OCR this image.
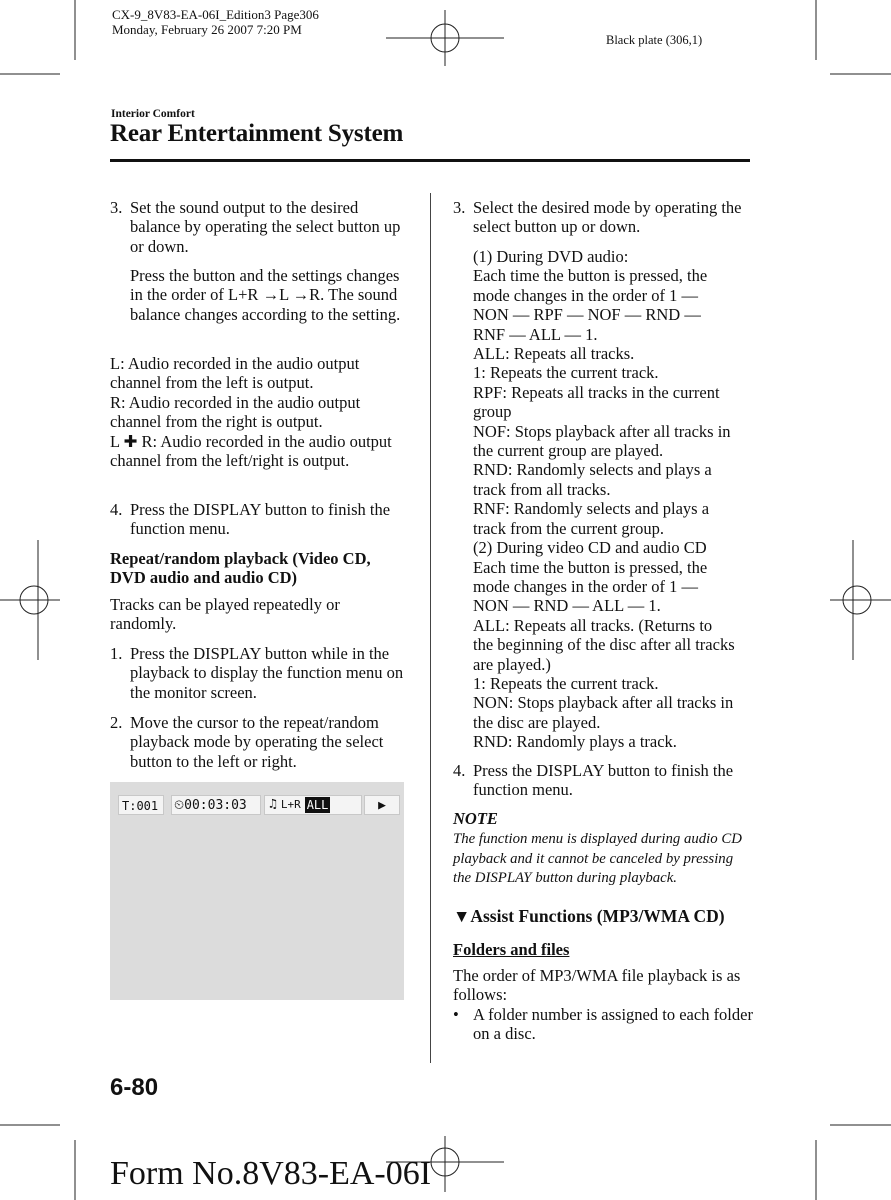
CX-9_8V83-EA-06I_Edition3 Page306
Monday, February 26 2007 7:20 PM
Black plate (306,1)
Interior Comfort
Rear Entertainment System
3. Set the sound output to the desired balance by operating the select button up or down.
Press the button and the settings changes in the order of L+R →L →R. The sound balance changes according to the setting.
L: Audio recorded in the audio output channel from the left is output.
R: Audio recorded in the audio output channel from the right is output.
L ✚ R: Audio recorded in the audio output channel from the left/right is output.
4. Press the DISPLAY button to finish the function menu.
Repeat/random playback (Video CD, DVD audio and audio CD)
Tracks can be played repeatedly or randomly.
1. Press the DISPLAY button while in the playback to display the function menu on the monitor screen.
2. Move the cursor to the repeat/random playback mode by operating the select button to the left or right.
T:001	⏲00:03:03	♫ L+R ALL	▶
3. Select the desired mode by operating the select button up or down.
(1) During DVD audio:
Each time the button is pressed, the
mode changes in the order of 1 —
NON — RPF — NOF — RND —
RNF — ALL — 1.
ALL: Repeats all tracks.
1: Repeats the current track.
RPF: Repeats all tracks in the current
group
NOF: Stops playback after all tracks in
the current group are played.
RND: Randomly selects and plays a
track from all tracks.
RNF: Randomly selects and plays a
track from the current group.
(2) During video CD and audio CD
Each time the button is pressed, the
mode changes in the order of 1 —
NON — RND — ALL — 1.
ALL: Repeats all tracks. (Returns to
the beginning of the disc after all tracks
are played.)
1: Repeats the current track.
NON: Stops playback after all tracks in
the disc are played.
RND: Randomly plays a track.
4. Press the DISPLAY button to finish the function menu.
NOTE
The function menu is displayed during audio CD playback and it cannot be canceled by pressing the DISPLAY button during playback.
▼Assist Functions (MP3/WMA CD)
Folders and files
The order of MP3/WMA file playback is as follows:
• A folder number is assigned to each folder on a disc.
6-80
Form No.8V83-EA-06I
